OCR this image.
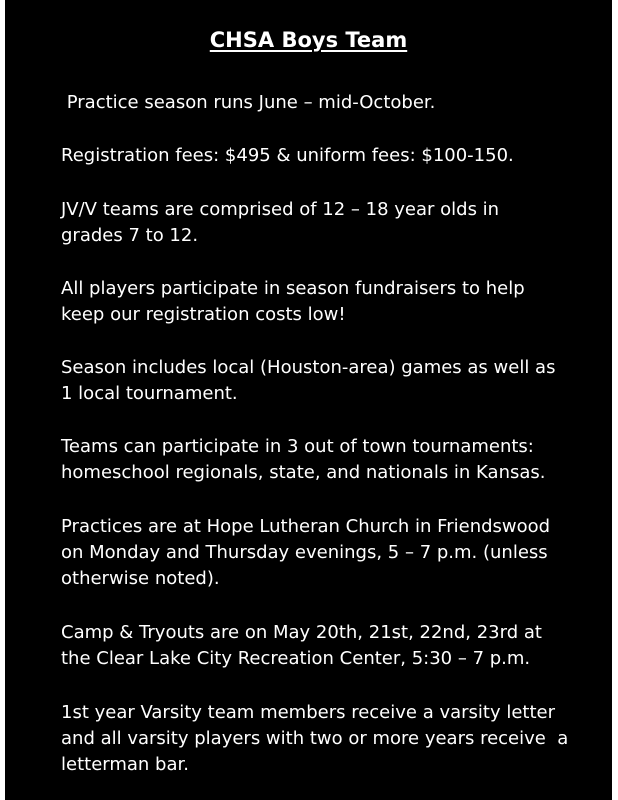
CHSA Boys Team

Practice season runs June – mid-October.

Registration fees: $495 & uniform fees: $100-150.

JV/V teams are comprised of 12 – 18 year olds in
grades 7 to 12.

All players participate in season fundraisers to help
keep our registration costs low!

Season includes local (Houston-area) games as well as
1 local tournament.

Teams can participate in 3 out of town tournaments:
homeschool regionals, state, and nationals in Kansas.

Practices are at Hope Lutheran Church in Friendswood
on Monday and Thursday evenings, 5 – 7 p.m. (unless
otherwise noted).

Camp & Tryouts are on May 20th, 21st, 22nd, 23rd at
the Clear Lake City Recreation Center, 5:30 – 7 p.m.

1st year Varsity team members receive a varsity letter
and all varsity players with two or more years receive  a
letterman bar.
